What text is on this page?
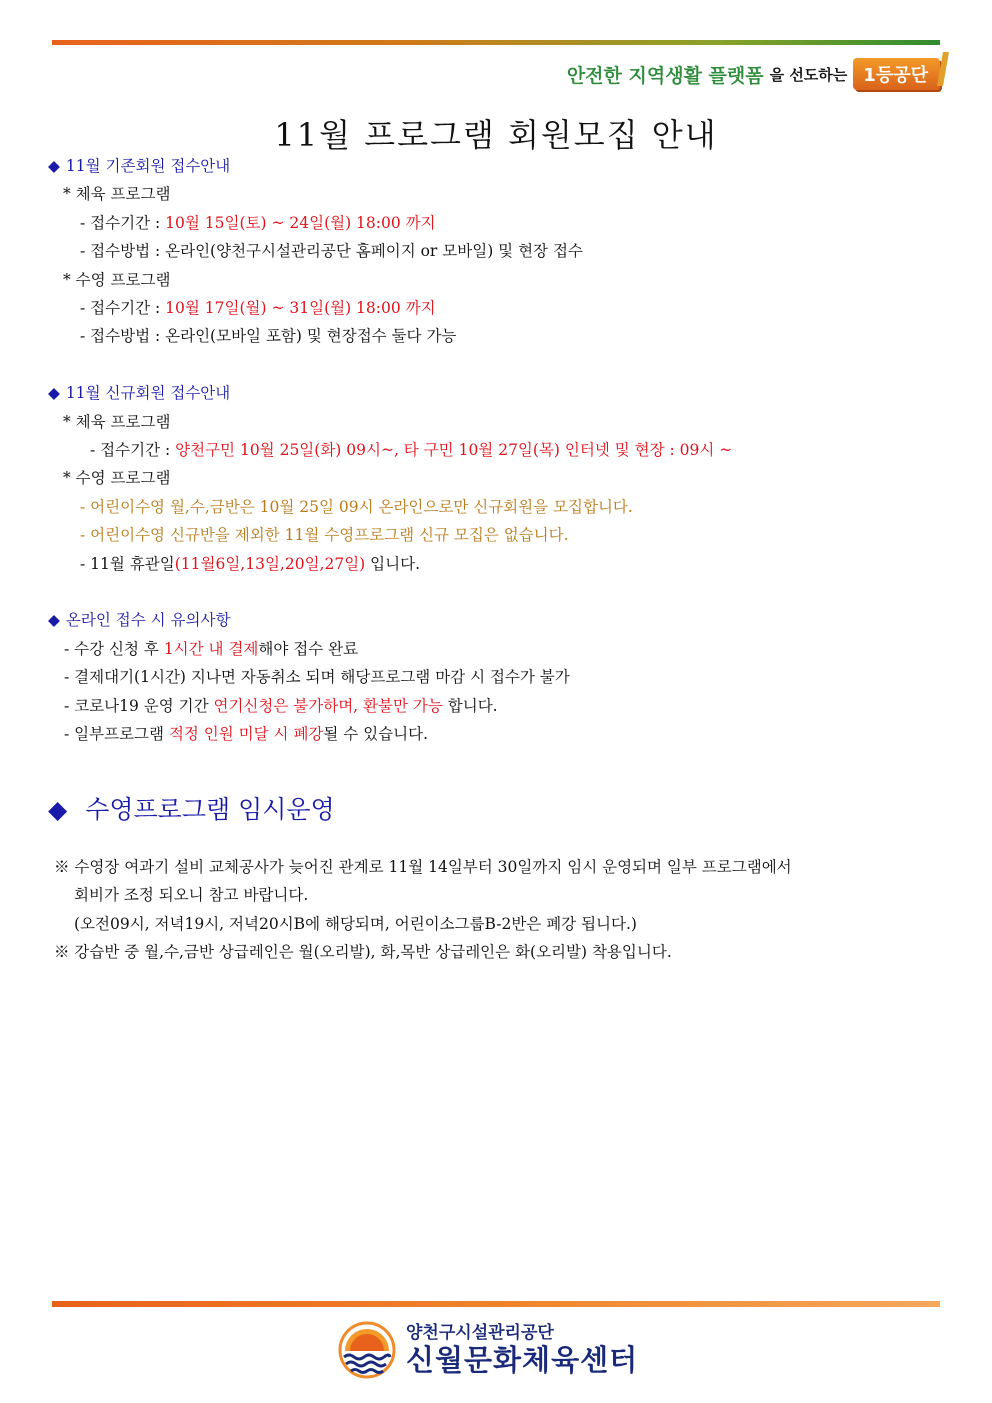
안전한 지역생활 플랫폼 을 선도하는 1등공단
11월 프로그램 회원모집 안내
◆ 11월 기존회원 접수안내
* 체육 프로그램
- 접수기간 : 10월 15일(토) ~ 24일(월) 18:00 까지
- 접수방법 : 온라인(양천구시설관리공단 홈페이지 or 모바일) 및 현장 접수
* 수영 프로그램
- 접수기간 : 10월 17일(월) ~ 31일(월) 18:00 까지
- 접수방법 : 온라인(모바일 포함) 및 현장접수 둘다 가능
◆ 11월 신규회원 접수안내
* 체육 프로그램
- 접수기간 : 양천구민 10월 25일(화) 09시~, 타 구민 10월 27일(목) 인터넷 및 현장 : 09시 ~
* 수영 프로그램
- 어린이수영 월,수,금반은 10월 25일 09시 온라인으로만 신규회원을 모집합니다.
- 어린이수영 신규반을 제외한 11월 수영프로그램 신규 모집은 없습니다.
- 11월 휴관일(11월6일,13일,20일,27일) 입니다.
◆ 온라인 접수 시 유의사항
- 수강 신청 후 1시간 내 결제해야 접수 완료
- 결제대기(1시간) 지나면 자동취소 되며 해당프로그램 마감 시 접수가 불가
- 코로나19 운영 기간 연기신청은 불가하며, 환불만 가능 합니다.
- 일부프로그램 적정 인원 미달 시 폐강될 수 있습니다.
◆ 수영프로그램 임시운영
※ 수영장 여과기 설비 교체공사가 늦어진 관계로 11월 14일부터 30일까지 임시 운영되며 일부 프로그램에서
회비가 조정 되오니 참고 바랍니다.
(오전09시, 저녁19시, 저녁20시B에 해당되며, 어린이소그룹B-2반은 폐강 됩니다.)
※ 강습반 중 월,수,금반 상급레인은 월(오리발), 화,목반 상급레인은 화(오리발) 착용입니다.
양천구시설관리공단
신월문화체육센터
